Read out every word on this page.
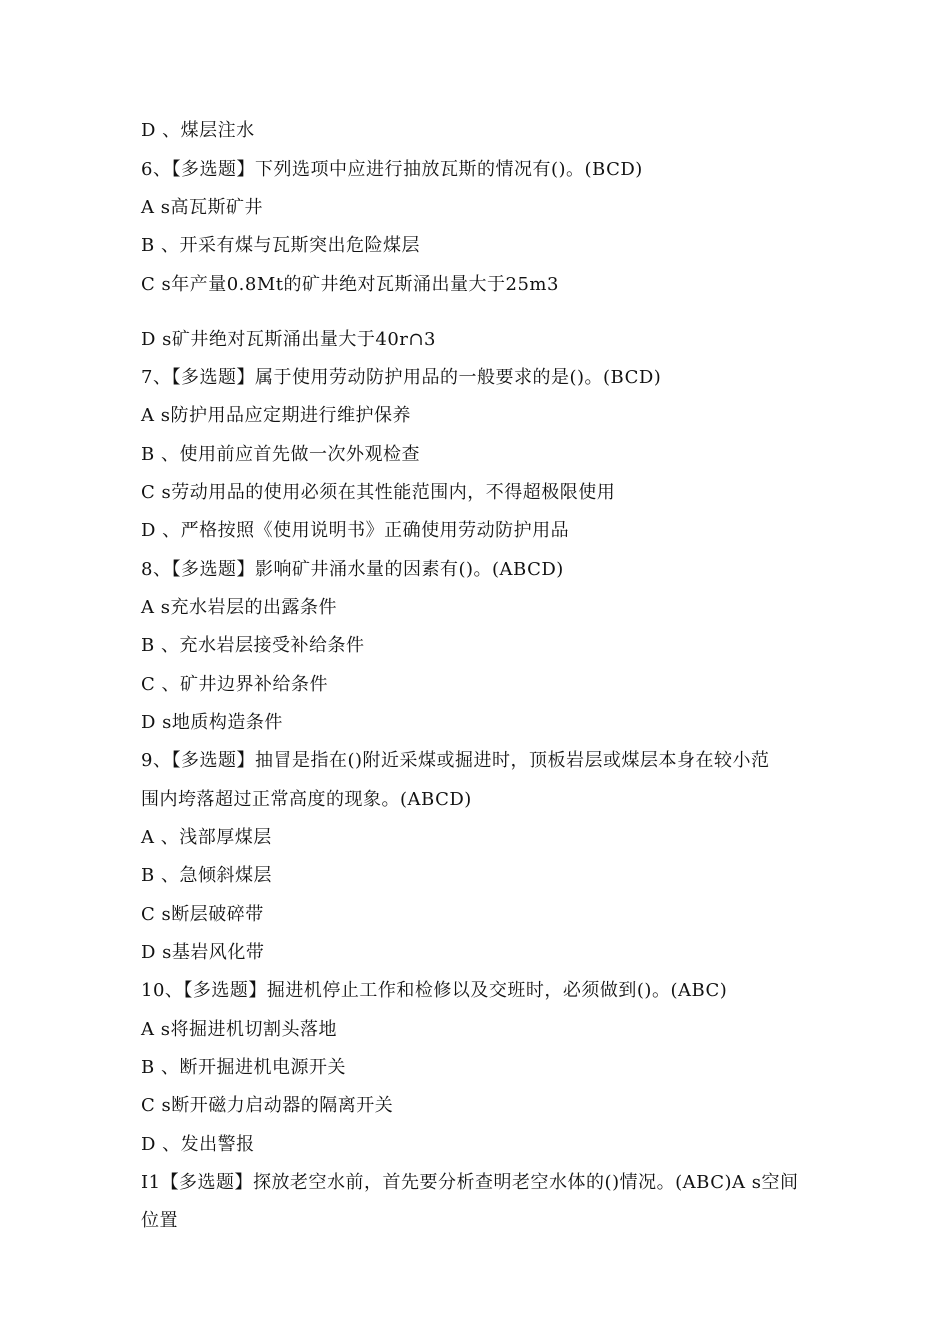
D 、煤层注水
6、【多选题】下列选项中应进行抽放瓦斯的情况有()。(BCD)
A s高瓦斯矿井
B 、开采有煤与瓦斯突出危险煤层
C s年产量0.8Mt的矿井绝对瓦斯涌出量大于25m3
D s矿井绝对瓦斯涌出量大于40r∩3
7、【多选题】属于使用劳动防护用品的一般要求的是()。(BCD)
A s防护用品应定期进行维护保养
B 、使用前应首先做一次外观检查
C s劳动用品的使用必须在其性能范围内，不得超极限使用
D 、严格按照《使用说明书》正确使用劳动防护用品
8、【多选题】影响矿井涌水量的因素有()。(ABCD)
A s充水岩层的出露条件
B 、充水岩层接受补给条件
C 、矿井边界补给条件
D s地质构造条件
9、【多选题】抽冒是指在()附近采煤或掘进时，顶板岩层或煤层本身在较小范
围内垮落超过正常高度的现象。(ABCD)
A 、浅部厚煤层
B 、急倾斜煤层
C s断层破碎带
D s基岩风化带
10、【多选题】掘进机停止工作和检修以及交班时，必须做到()。(ABC)
A s将掘进机切割头落地
B 、断开掘进机电源开关
C s断开磁力启动器的隔离开关
D 、发出警报
I1【多选题】探放老空水前，首先要分析查明老空水体的()情况。(ABC)A s空间
位置
